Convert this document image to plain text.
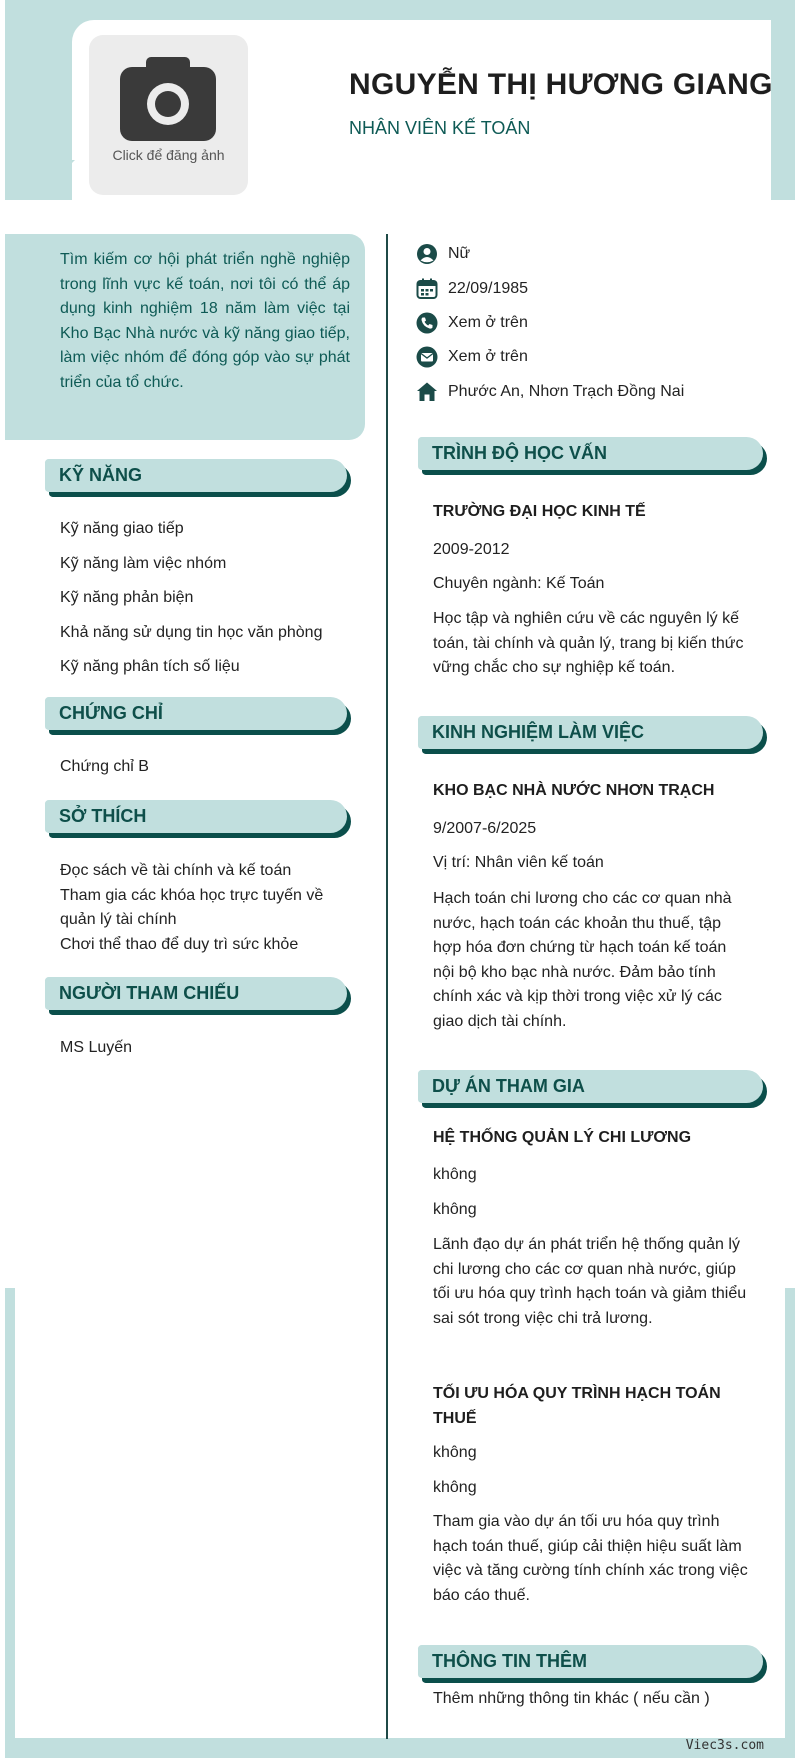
Click để đăng ảnh
NGUYỄN THỊ HƯƠNG GIANG
NHÂN VIÊN KẾ TOÁN

Tìm kiếm cơ hội phát triển nghề nghiệp trong lĩnh vực kế toán, nơi tôi có thể áp dụng kinh nghiệm 18 năm làm việc tại Kho Bạc Nhà nước và kỹ năng giao tiếp, làm việc nhóm để đóng góp vào sự phát triển của tổ chức.

KỸ NĂNG
Kỹ năng giao tiếp
Kỹ năng làm việc nhóm
Kỹ năng phản biện
Khả năng sử dụng tin học văn phòng
Kỹ năng phân tích số liệu
CHỨNG CHỈ
Chứng chỉ B
SỞ THÍCH

Đọc sách về tài chính và kế toán
Tham gia các khóa học trực tuyến về quản lý tài chính
Chơi thể thao để duy trì sức khỏe

NGƯỜI THAM CHIẾU
MS Luyến
Nữ
22/09/1985
Xem ở trên
Xem ở trên
Phước An, Nhơn Trạch Đồng Nai
TRÌNH ĐỘ HỌC VẤN
TRƯỜNG ĐẠI HỌC KINH TẾ
2009-2012
Chuyên ngành: Kế Toán

Học tập và nghiên cứu về các nguyên lý kế toán, tài chính và quản lý, trang bị kiến thức vững chắc cho sự nghiệp kế toán.

KINH NGHIỆM LÀM VIỆC
KHO BẠC NHÀ NƯỚC NHƠN TRẠCH
9/2007-6/2025
Vị trí: Nhân viên kế toán

Hạch toán chi lương cho các cơ quan nhà nước, hạch toán các khoản thu thuế, tập hợp hóa đơn chứng từ hạch toán kế toán nội bộ kho bạc nhà nước. Đảm bảo tính chính xác và kịp thời trong việc xử lý các giao dịch tài chính.

DỰ ÁN THAM GIA
HỆ THỐNG QUẢN LÝ CHI LƯƠNG
không
không

Lãnh đạo dự án phát triển hệ thống quản lý chi lương cho các cơ quan nhà nước, giúp tối ưu hóa quy trình hạch toán và giảm thiểu sai sót trong việc chi trả lương.

TỐI ƯU HÓA QUY TRÌNH HẠCH TOÁN THUẾ
không
không

Tham gia vào dự án tối ưu hóa quy trình hạch toán thuế, giúp cải thiện hiệu suất làm việc và tăng cường tính chính xác trong việc báo cáo thuế.

THÔNG TIN THÊM
Thêm những thông tin khác ( nếu cần )
Viec3s.com
